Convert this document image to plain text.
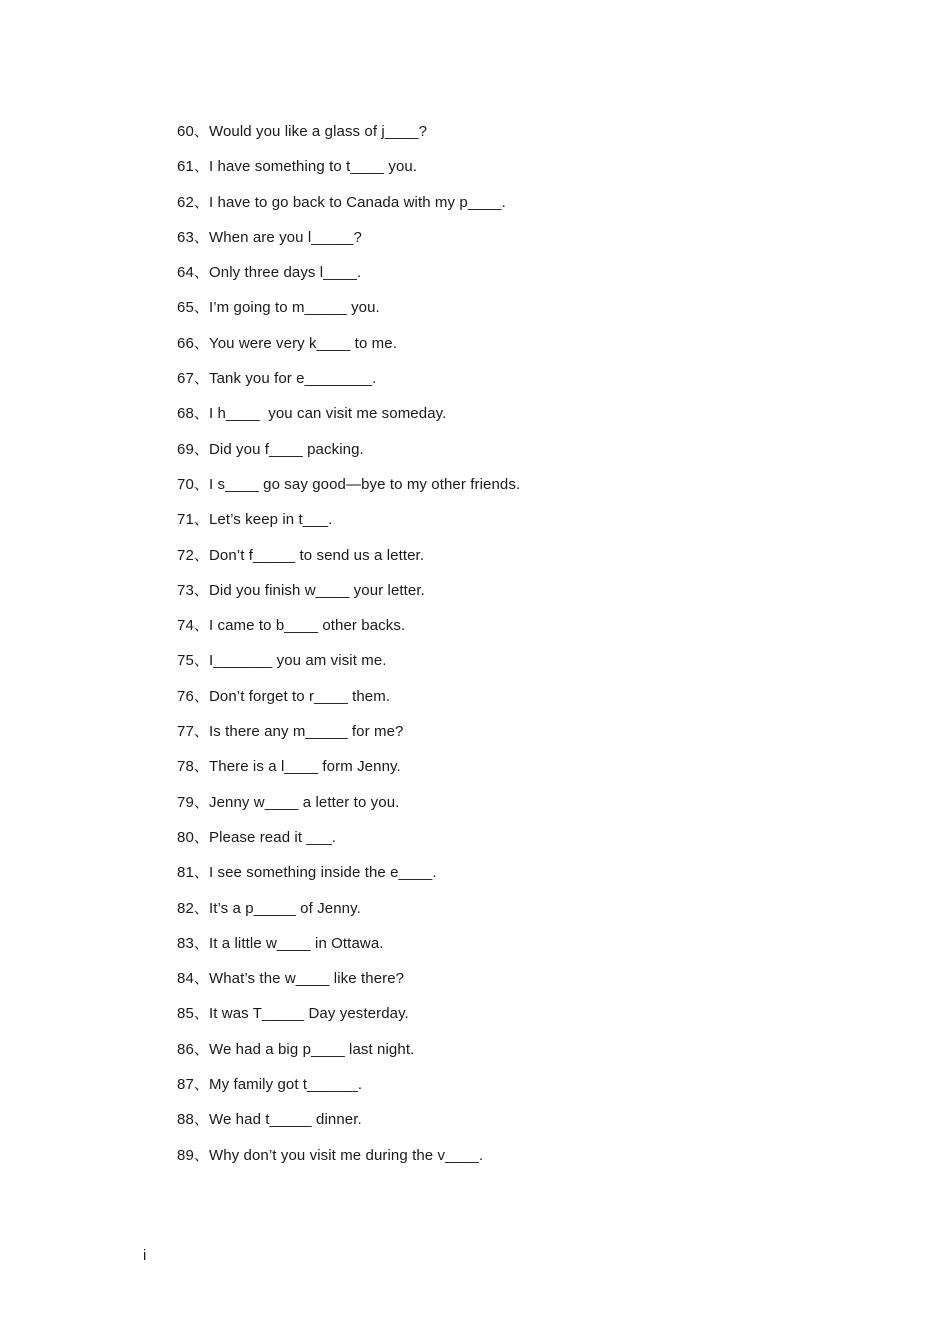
60、Would you like a glass of j____?
61、I have something to t____ you.
62、I have to go back to Canada with my p____.
63、When are you l_____?
64、Only three days l____.
65、I’m going to m_____ you.
66、You were very k____ to me.
67、Tank you for e________.
68、I h____  you can visit me someday.
69、Did you f____ packing.
70、I s____ go say good—bye to my other friends.
71、Let’s keep in t___.
72、Don’t f_____ to send us a letter.
73、Did you finish w____ your letter.
74、I came to b____ other backs.
75、I_______ you am visit me.
76、Don’t forget to r____ them.
77、Is there any m_____ for me?
78、There is a l____ form Jenny.
79、Jenny w____ a letter to you.
80、Please read it ___.
81、I see something inside the e____.
82、It’s a p_____ of Jenny.
83、It a little w____ in Ottawa.
84、What’s the w____ like there?
85、It was T_____ Day yesterday.
86、We had a big p____ last night.
87、My family got t______.
88、We had t_____ dinner.
89、Why don’t you visit me during the v____.
i
